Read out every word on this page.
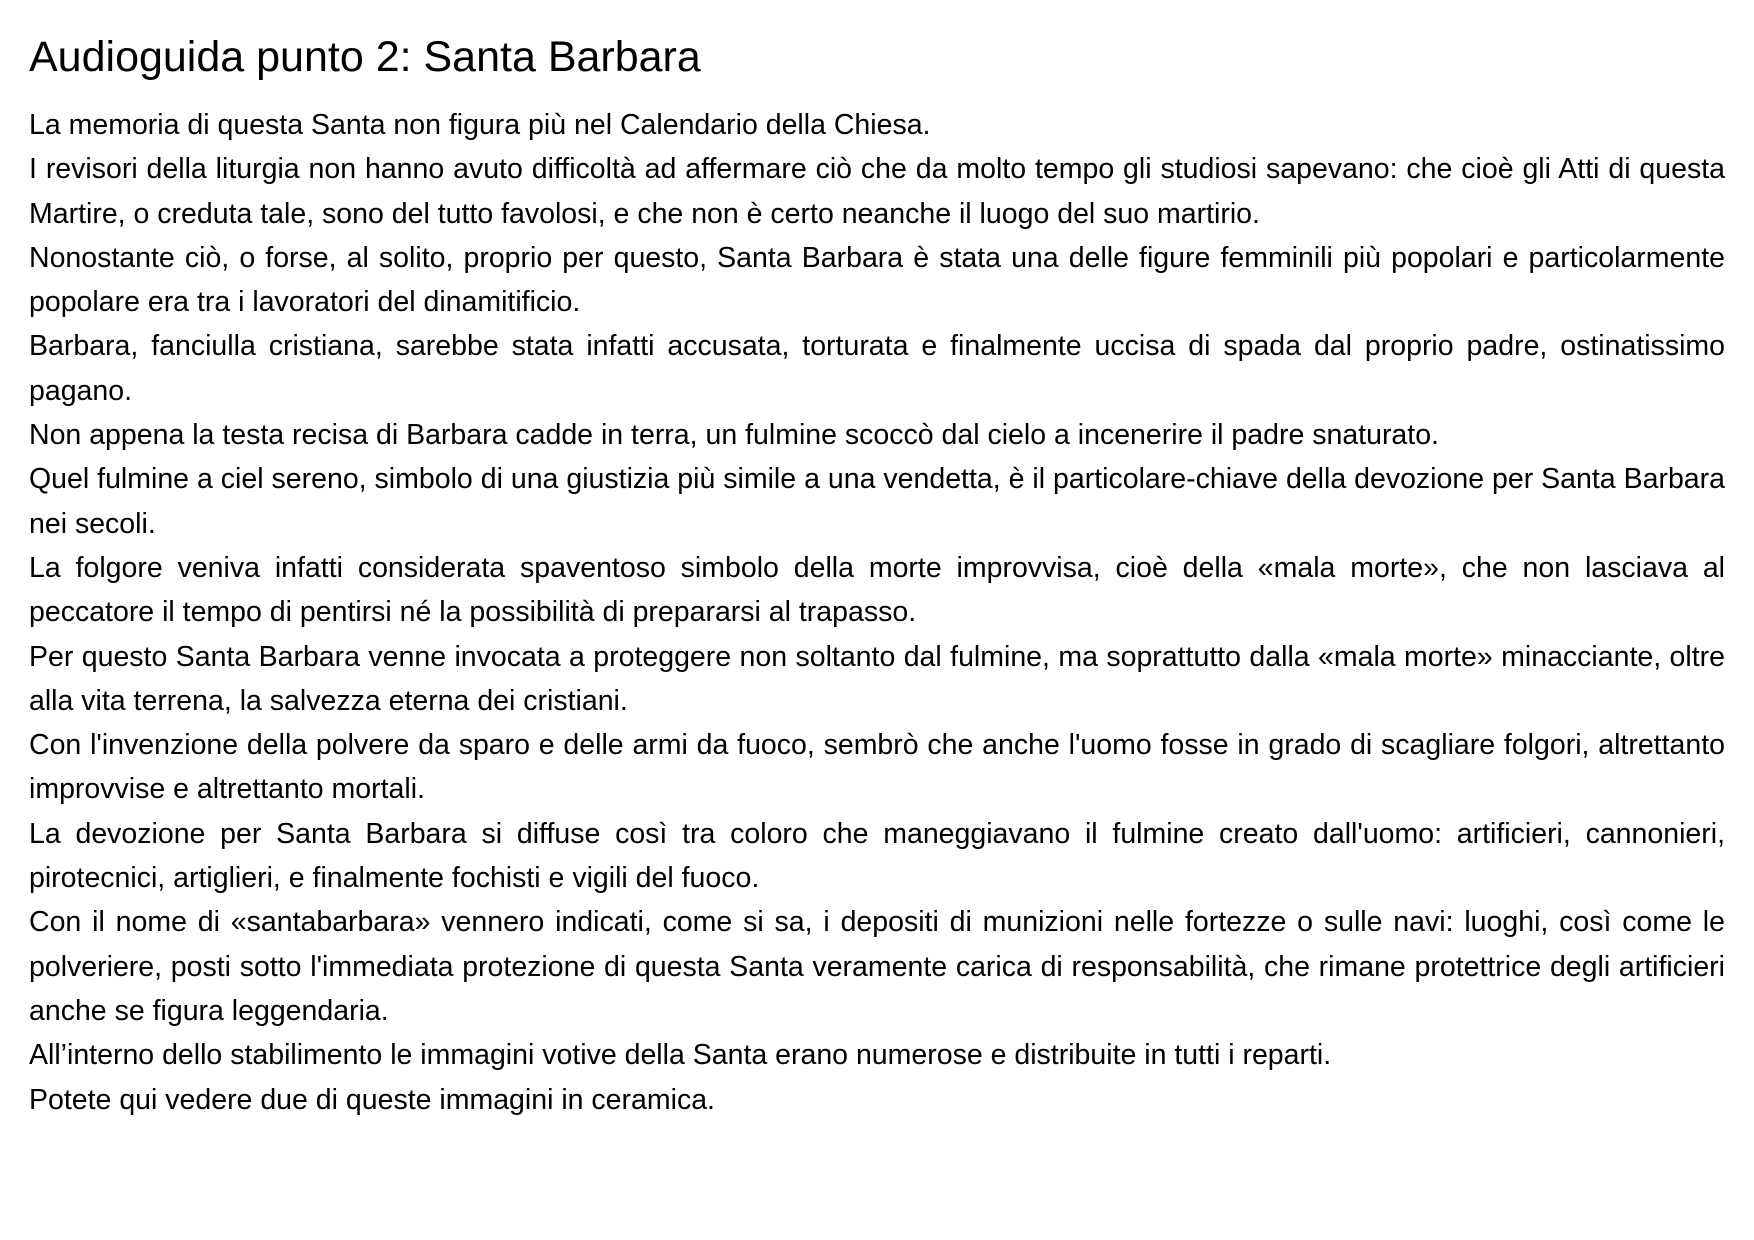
Audioguida punto 2: Santa Barbara

La memoria di questa Santa non figura più nel Calendario della Chiesa.

I revisori della liturgia non hanno avuto difficoltà ad affermare ciò che da molto tempo gli studiosi sapevano: che cioè gli Atti di questa Martire, o creduta tale, sono del tutto favolosi, e che non è certo neanche il luogo del suo martirio.

Nonostante ciò, o forse, al solito, proprio per questo, Santa Barbara è stata una delle figure femminili più popolari e particolarmente popolare era tra i lavoratori del dinamitificio.

Barbara, fanciulla cristiana, sarebbe stata infatti accusata, torturata e finalmente uccisa di spada dal proprio padre, ostinatissimo pagano.

Non appena la testa recisa di Barbara cadde in terra, un fulmine scoccò dal cielo a incenerire il padre snaturato.

Quel fulmine a ciel sereno, simbolo di una giustizia più simile a una vendetta, è il particolare-chiave della devozione per Santa Barbara nei secoli.

La folgore veniva infatti considerata spaventoso simbolo della morte improvvisa, cioè della «mala morte», che non lasciava al peccatore il tempo di pentirsi né la possibilità di prepararsi al trapasso.

Per questo Santa Barbara venne invocata a proteggere non soltanto dal fulmine, ma soprattutto dalla «mala morte» minacciante, oltre alla vita terrena, la salvezza eterna dei cristiani.

Con l'invenzione della polvere da sparo e delle armi da fuoco, sembrò che anche l'uomo fosse in grado di scagliare folgori, altrettanto improvvise e altrettanto mortali.

La devozione per Santa Barbara si diffuse così tra coloro che maneggiavano il fulmine creato dall'uomo: artificieri, cannonieri, pirotecnici, artiglieri, e finalmente fochisti e vigili del fuoco.

Con il nome di «santabarbara» vennero indicati, come si sa, i depositi di munizioni nelle fortezze o sulle navi: luoghi, così come le polveriere, posti sotto l'immediata protezione di questa Santa veramente carica di responsabilità, che rimane protettrice degli artificieri anche se figura leggendaria.

All’interno dello stabilimento le immagini votive della Santa erano numerose e distribuite in tutti i reparti.

Potete qui vedere due di queste immagini in ceramica.
